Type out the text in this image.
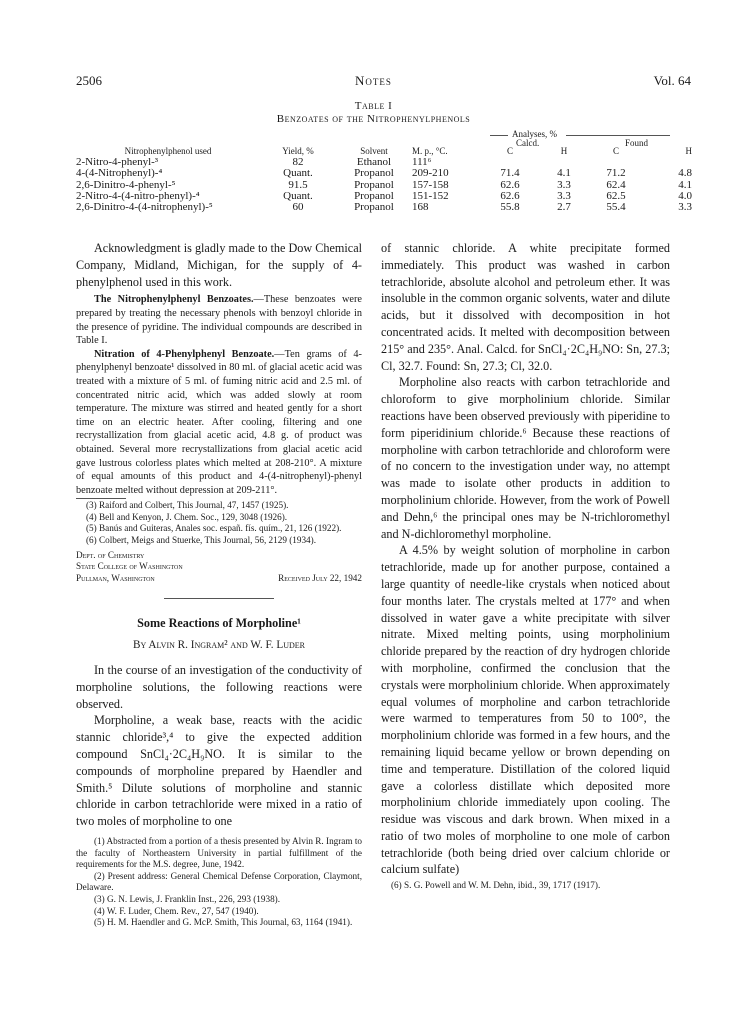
2506	Notes	Vol. 64
Table I
Benzoates of the Nitrophenylphenols
Analyses, %
Calcd.	Found
Nitrophenylphenol used	Yield, %	Solvent	M. p., °C.	C	H	C	H
2-Nitro-4-phenyl-³	82	Ethanol	111⁶				
4-(4-Nitrophenyl)-⁴	Quant.	Propanol	209-210	71.4	4.1	71.2	4.8
2,6-Dinitro-4-phenyl-⁵	91.5	Propanol	157-158	62.6	3.3	62.4	4.1
2-Nitro-4-(4-nitro-phenyl)-⁴	Quant.	Propanol	151-152	62.6	3.3	62.5	4.0
2,6-Dinitro-4-(4-nitrophenyl)-⁵	60	Propanol	168	55.8	2.7	55.4	3.3

Acknowledgment is gladly made to the Dow Chemical Company, Midland, Michigan, for the supply of 4-phenylphenol used in this work.

The Nitrophenylphenyl Benzoates.—These benzoates were prepared by treating the necessary phenols with benzoyl chloride in the presence of pyridine. The individual compounds are described in Table I.

Nitration of 4-Phenylphenyl Benzoate.—Ten grams of 4-phenylphenyl benzoate¹ dissolved in 80 ml. of glacial acetic acid was treated with a mixture of 5 ml. of fuming nitric acid and 2.5 ml. of concentrated nitric acid, which was added slowly at room temperature. The mixture was stirred and heated gently for a short time on an electric heater. After cooling, filtering and one recrystallization from glacial acetic acid, 4.8 g. of product was obtained. Several more recrystallizations from glacial acetic acid gave lustrous colorless plates which melted at 208-210°. A mixture of equal amounts of this product and 4-(4-nitrophenyl)-phenyl benzoate melted without depression at 209-211°.

(3) Raiford and Colbert, This Journal, 47, 1457 (1925).
(4) Bell and Kenyon, J. Chem. Soc., 129, 3048 (1926).
(5) Banús and Guiteras, Anales soc. españ. fís. quím., 21, 126 (1922).
(6) Colbert, Meigs and Stuerke, This Journal, 56, 2129 (1934).
Dept. of Chemistry
State College of Washington
Pullman, Washington	Received July 22, 1942
Some Reactions of Morpholine¹
By Alvin R. Ingram² and W. F. Luder

In the course of an investigation of the conductivity of morpholine solutions, the following reactions were observed.

Morpholine, a weak base, reacts with the acidic stannic chloride³,⁴ to give the expected addition compound SnCl₄·2C₄H₉NO. It is similar to the compounds of morpholine prepared by Haendler and Smith.⁵ Dilute solutions of morpholine and stannic chloride in carbon tetrachloride were mixed in a ratio of two moles of morpholine to one

(1) Abstracted from a portion of a thesis presented by Alvin R. Ingram to the faculty of Northeastern University in partial fulfillment of the requirements for the M.S. degree, June, 1942.
(2) Present address: General Chemical Defense Corporation, Claymont, Delaware.
(3) G. N. Lewis, J. Franklin Inst., 226, 293 (1938).
(4) W. F. Luder, Chem. Rev., 27, 547 (1940).
(5) H. M. Haendler and G. McP. Smith, This Journal, 63, 1164 (1941).

of stannic chloride. A white precipitate formed immediately. This product was washed in carbon tetrachloride, absolute alcohol and petroleum ether. It was insoluble in the common organic solvents, water and dilute acids, but it dissolved with decomposition in hot concentrated acids. It melted with decomposition between 215° and 235°. Anal. Calcd. for SnCl₄·2C₄H₉NO: Sn, 27.3; Cl, 32.7. Found: Sn, 27.3; Cl, 32.0.

Morpholine also reacts with carbon tetrachloride and chloroform to give morpholinium chloride. Similar reactions have been observed previously with piperidine to form piperidinium chloride.⁶ Because these reactions of morpholine with carbon tetrachloride and chloroform were of no concern to the investigation under way, no attempt was made to isolate other products in addition to morpholinium chloride. However, from the work of Powell and Dehn,⁶ the principal ones may be N-trichloromethyl and N-dichloromethyl morpholine.

A 4.5% by weight solution of morpholine in carbon tetrachloride, made up for another purpose, contained a large quantity of needle-like crystals when noticed about four months later. The crystals melted at 177° and when dissolved in water gave a white precipitate with silver nitrate. Mixed melting points, using morpholinium chloride prepared by the reaction of dry hydrogen chloride with morpholine, confirmed the conclusion that the crystals were morpholinium chloride. When approximately equal volumes of morpholine and carbon tetrachloride were warmed to temperatures from 50 to 100°, the morpholinium chloride was formed in a few hours, and the remaining liquid became yellow or brown depending on time and temperature. Distillation of the colored liquid gave a colorless distillate which deposited more morpholinium chloride immediately upon cooling. The residue was viscous and dark brown. When mixed in a ratio of two moles of morpholine to one mole of carbon tetrachloride (both being dried over calcium chloride or calcium sulfate)

(6) S. G. Powell and W. M. Dehn, ibid., 39, 1717 (1917).
